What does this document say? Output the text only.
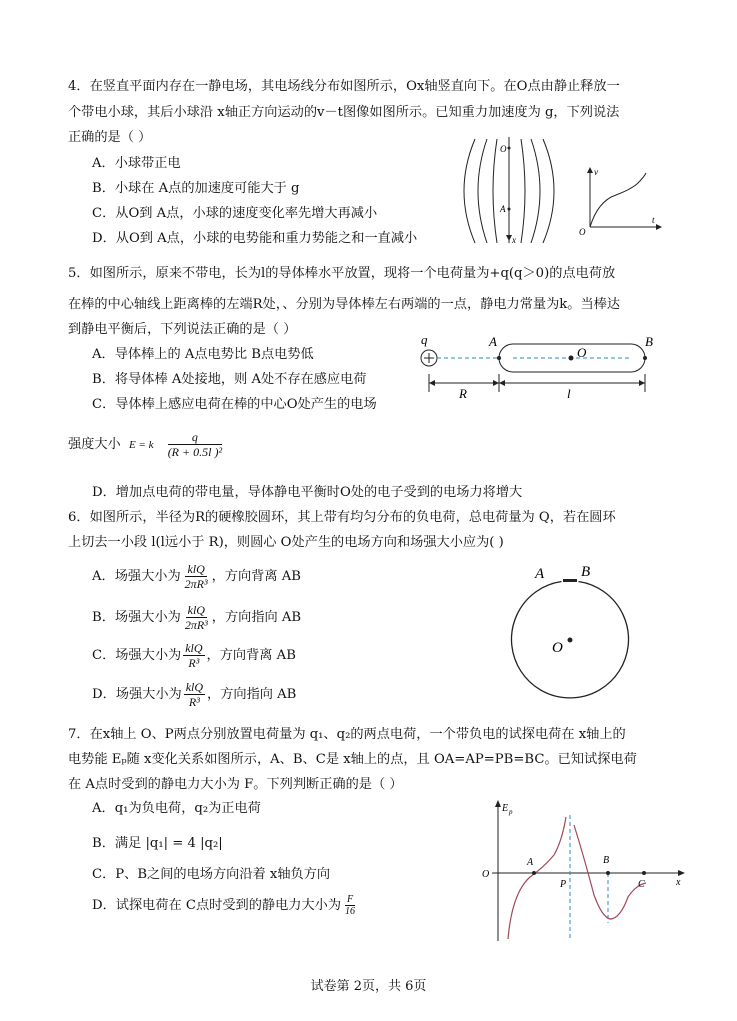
4．在竖直平面内存在一静电场，其电场线分布如图所示，Ox轴竖直向下。在O点由静止释放一
个带电小球，其后小球沿 x轴正方向运动的v－t图像如图所示。已知重力加速度为 g，下列说法
正确的是（ ）
A．小球带正电
B．小球在 A点的加速度可能大于 g
C．从O到 A点，小球的速度变化率先增大再减小
D．从O到 A点，小球的电势能和重力势能之和一直减小
O
A
x
v
t
O
5．如图所示，原来不带电，长为l的导体棒水平放置，现将一个电荷量为+q(q＞0)的点电荷放
在棒的中心轴线上距离棒的左端R处，、分别为导体棒左右两端的一点，静电力常量为k。当棒达
到静电平衡后，下列说法正确的是（ ）
A．导体棒上的 A点电势比 B点电势低
B．将导体棒 A处接地，则 A处不存在感应电荷
C．导体棒上感应电荷在棒的中心O处产生的电场
强度大小 E = k $\frac{q}{\text{(R + 0.5l )²}}$
D．增加点电荷的带电量，导体静电平衡时O处的电子受到的电场力将增大
q	A
O
B
R	l
6．如图所示，半径为R的硬橡胶圆环，其上带有均匀分布的负电荷，总电荷量为 Q，若在圆环
上切去一小段 l(l远小于 R)，则圆心 O处产生的电场方向和场强大小应为( )
A．场强大小为 $\frac{\text{klQ}}{\text{2πR³}}$ ，方向背离 AB
B．场强大小为 $\frac{\text{klQ}}{\text{2πR³}}$ ，方向指向 AB
C．场强大小为 $\frac{\text{klQ}}{\text{R³}}$ ，方向背离 AB
D．场强大小为 $\frac{\text{klQ}}{\text{R³}}$ ，方向指向 AB
A B
O
7．在x轴上 O、P两点分别放置电荷量为 q₁、q₂的两点电荷，一个带负电的试探电荷在 x轴上的
电势能 Eₚ随 x变化关系如图所示，A、B、C是 x轴上的点，且 OA=AP=PB=BC。已知试探电荷
在 A点时受到的静电力大小为 F。下列判断正确的是（ ）
A．q₁为负电荷，q₂为正电荷
B．满足 |q₁| = 4 |q₂|
C．P、B之间的电场方向沿着 x轴负方向
D．试探电荷在 C点时受到的静电力大小为 $\frac{F}{16}$
E p
O
A
P
B
C	x
试卷第 2页，共 6页
